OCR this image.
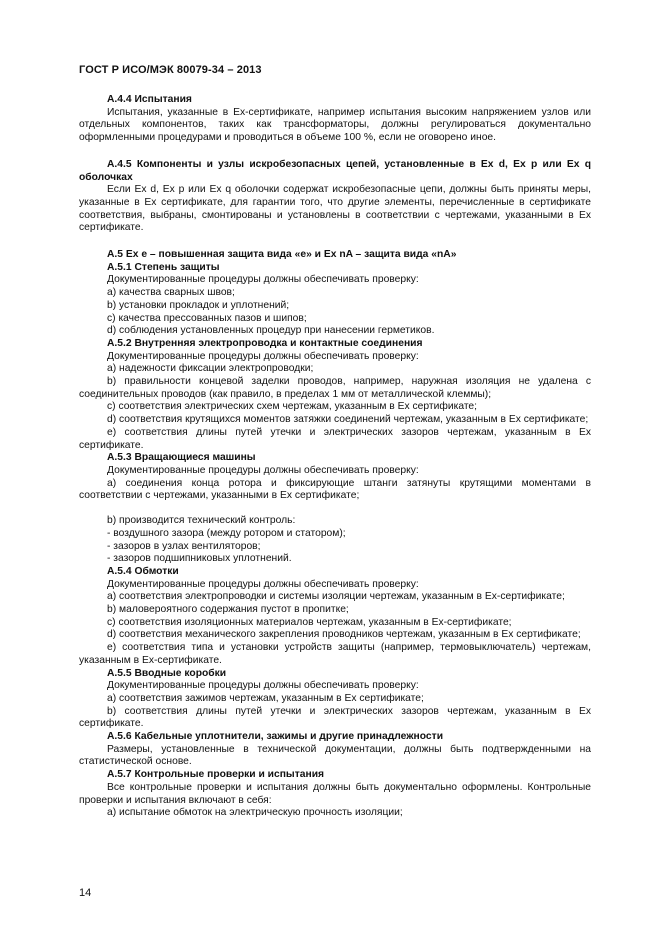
ГОСТ Р ИСО/МЭК 80079-34 – 2013
А.4.4 Испытания

Испытания, указанные в Ex-сертификате, например испытания высоким напряжением узлов или отдельных компонентов, таких как трансформаторы, должны регулироваться документально оформленными процедурами и проводиться в объеме 100 %, если не оговорено иное.

А.4.5 Компоненты и узлы искробезопасных цепей, установленные в Ex d, Ex p или Ex q оболочках

Если Ex d, Ex p или Ex q оболочки содержат искробезопасные цепи, должны быть приняты меры, указанные в Ex сертификате, для гарантии того, что другие элементы, перечисленные в сертификате соответствия, выбраны, смонтированы и установлены в соответствии с чертежами, указанными в Ex сертификате.

А.5 Ex e – повышенная защита вида «e» и Ex nA – защита вида «nA»
А.5.1 Степень защиты

Документированные процедуры должны обеспечивать проверку:

a) качества сварных швов;

b) установки прокладок и уплотнений;

c) качества прессованных пазов и шипов;

d) соблюдения установленных процедур при нанесении герметиков.

А.5.2 Внутренняя электропроводка и контактные соединения

Документированные процедуры должны обеспечивать проверку:

a) надежности фиксации электропроводки;

b) правильности концевой заделки проводов, например, наружная изоляция не удалена с соединительных проводов (как правило, в пределах 1 мм от металлической клеммы);

c) соответствия электрических схем чертежам, указанным в Ex сертификате;

d) соответствия крутящихся моментов затяжки соединений чертежам, указанным в Ex сертификате;

e) соответствия длины путей утечки и электрических зазоров чертежам, указанным в Ex сертификате.

А.5.3 Вращающиеся машины

Документированные процедуры должны обеспечивать проверку:

a) соединения конца ротора и фиксирующие штанги затянуты крутящими моментами в соответствии с чертежами, указанными в Ex сертификате;

b) производится технический контроль:

- воздушного зазора (между ротором и статором);

- зазоров в узлах вентиляторов;

- зазоров подшипниковых уплотнений.

А.5.4 Обмотки

Документированные процедуры должны обеспечивать проверку:

a) соответствия электропроводки и системы изоляции чертежам, указанным в Ex-сертификате;

b) маловероятного содержания пустот в пропитке;

c) соответствия изоляционных материалов чертежам, указанным в Ex-сертификате;

d) соответствия механического закрепления проводников чертежам, указанным в Ex сертификате;

e) соответствия типа и установки устройств защиты (например, термовыключатель) чертежам, указанным в Ex-сертификате.

А.5.5 Вводные коробки

Документированные процедуры должны обеспечивать проверку:

a) соответствия зажимов чертежам, указанным в Ex сертификате;

b) соответствия длины путей утечки и электрических зазоров чертежам, указанным в Ex сертификате.

А.5.6 Кабельные уплотнители, зажимы и другие принадлежности

Размеры, установленные в технической документации, должны быть подтвержденными на статистической основе.

А.5.7 Контрольные проверки и испытания

Все контрольные проверки и испытания должны быть документально оформлены. Контрольные проверки и испытания включают в себя:

a) испытание обмоток на электрическую прочность изоляции;

14
